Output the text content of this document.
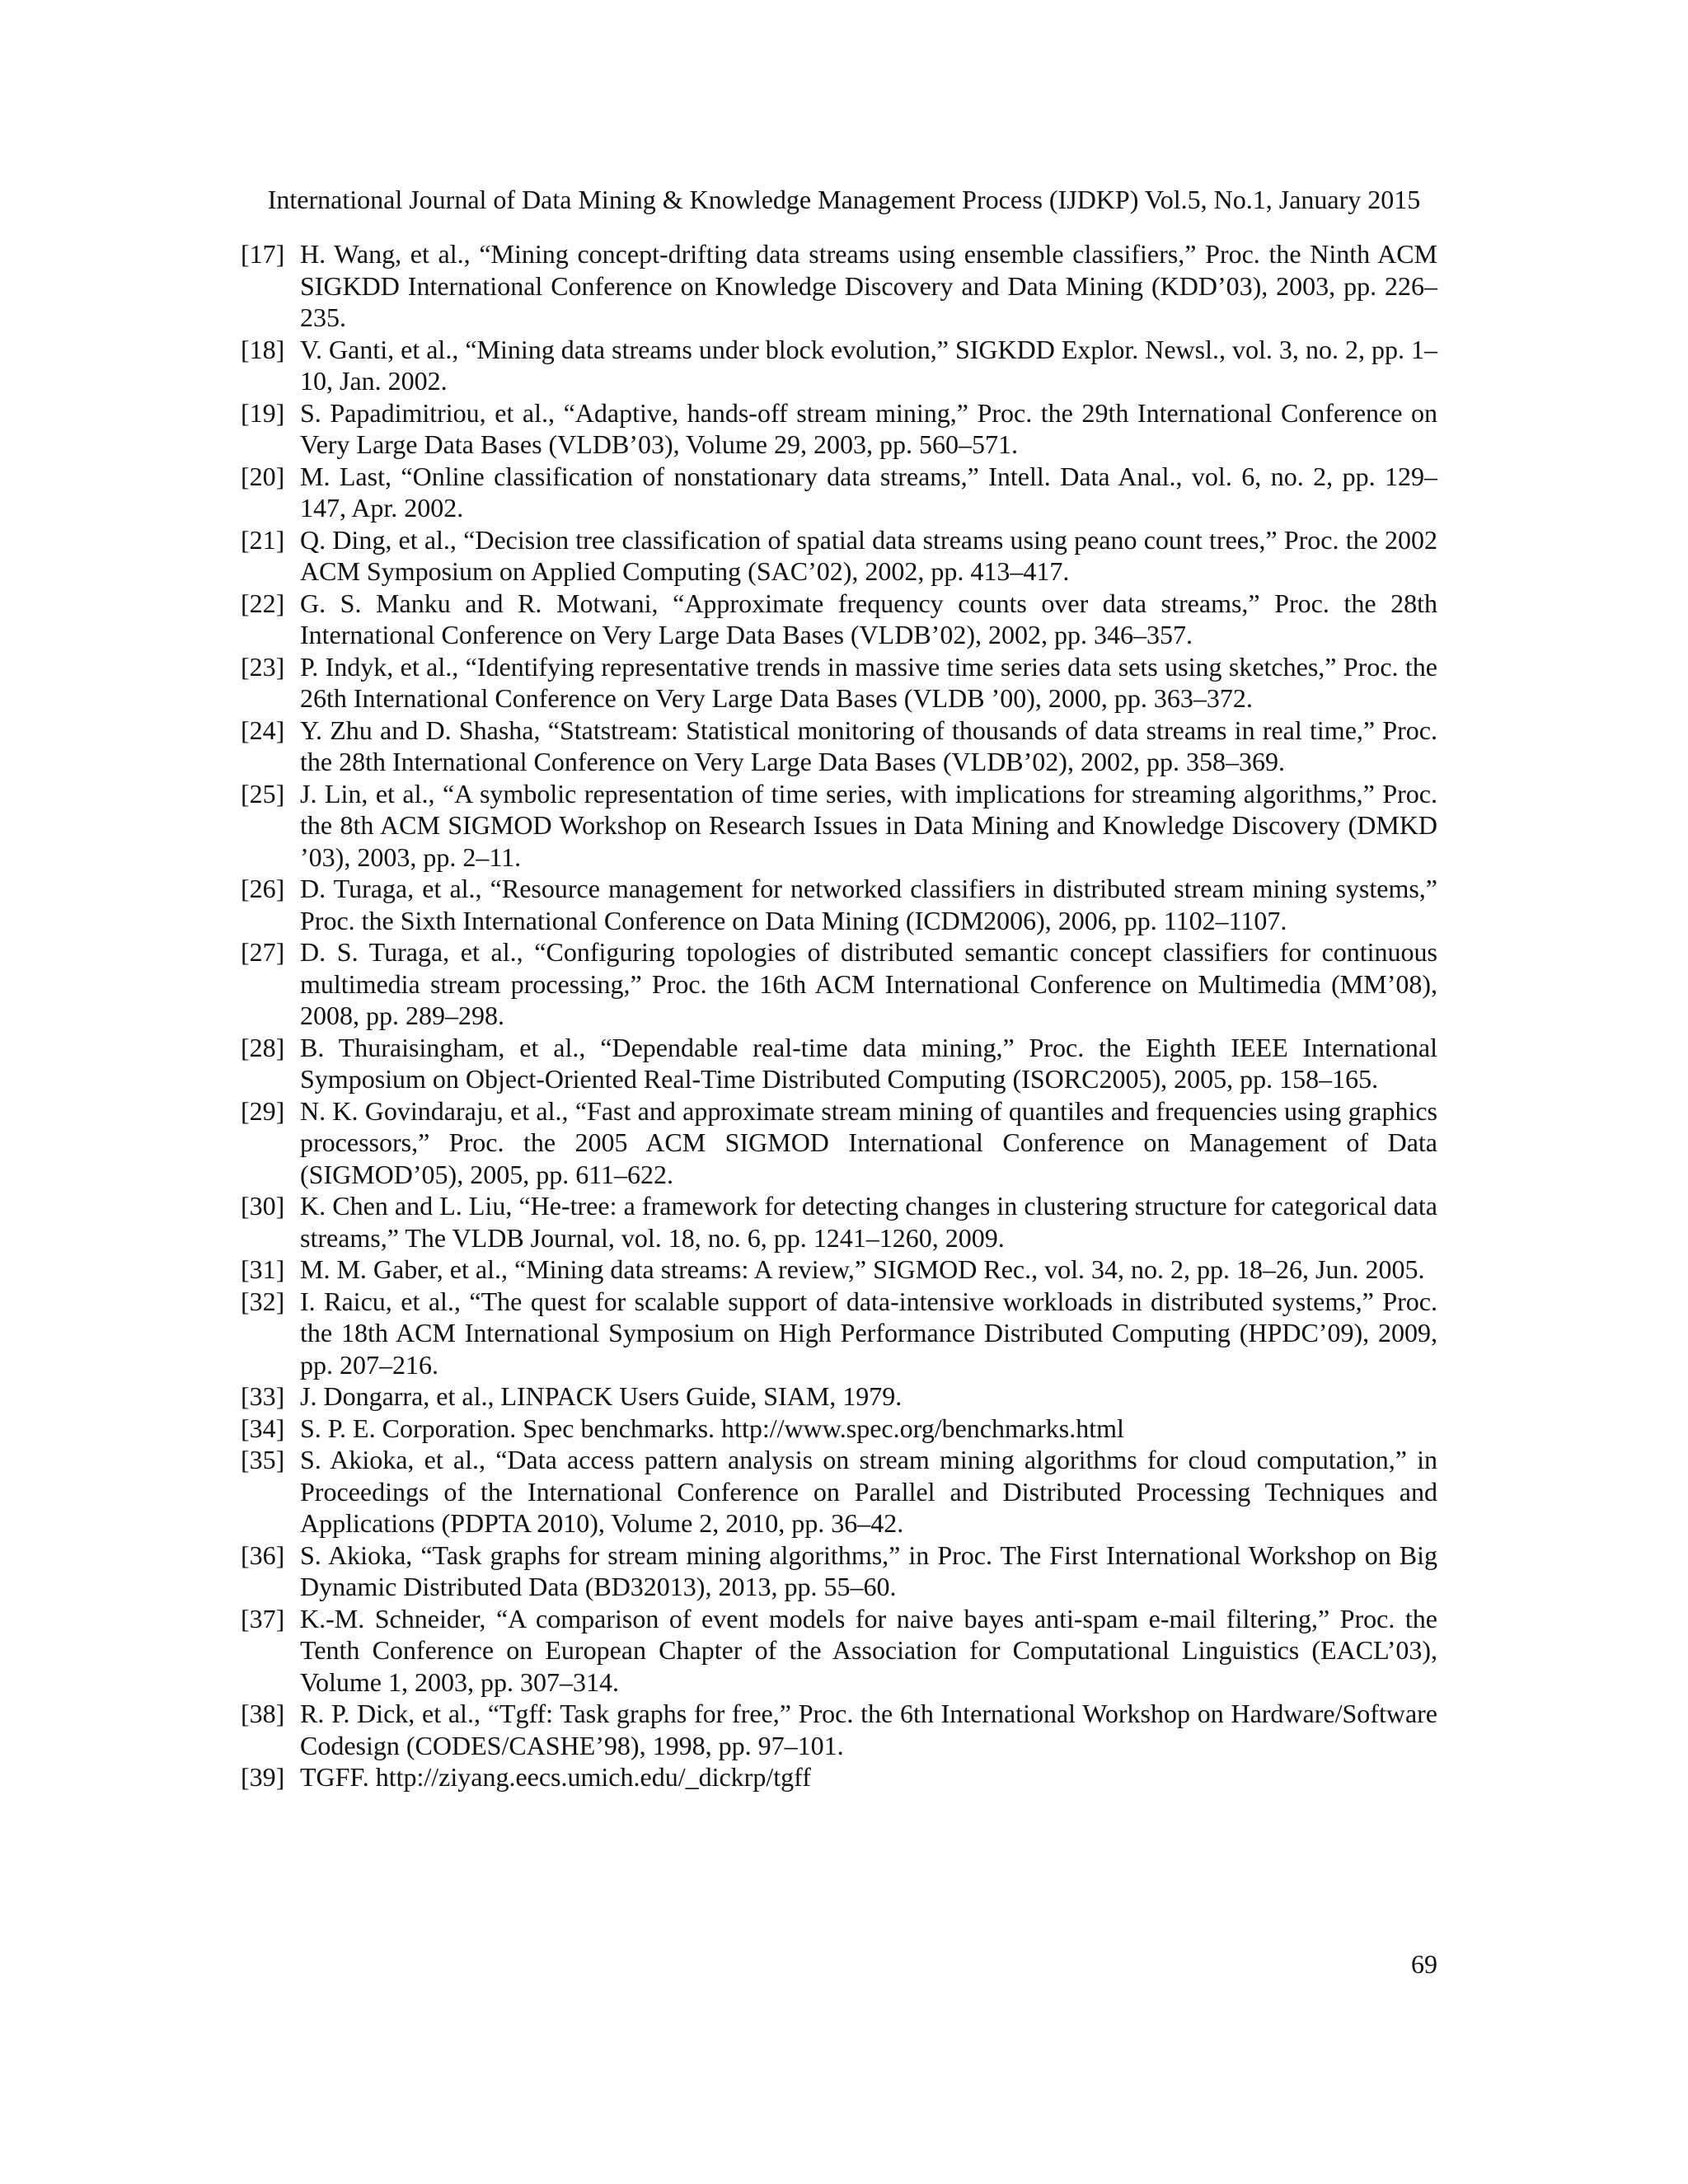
International Journal of Data Mining & Knowledge Management Process (IJDKP) Vol.5, No.1, January 2015
[17] H. Wang, et al., “Mining concept-drifting data streams using ensemble classifiers,” Proc. the Ninth ACM SIGKDD International Conference on Knowledge Discovery and Data Mining (KDD’03), 2003, pp. 226–235.
[18] V. Ganti, et al., “Mining data streams under block evolution,” SIGKDD Explor. Newsl., vol. 3, no. 2, pp. 1–10, Jan. 2002.
[19] S. Papadimitriou, et al., “Adaptive, hands-off stream mining,” Proc. the 29th International Conference on Very Large Data Bases (VLDB’03), Volume 29, 2003, pp. 560–571.
[20] M. Last, “Online classification of nonstationary data streams,” Intell. Data Anal., vol. 6, no. 2, pp. 129–147, Apr. 2002.
[21] Q. Ding, et al., “Decision tree classification of spatial data streams using peano count trees,” Proc. the 2002 ACM Symposium on Applied Computing (SAC’02), 2002, pp. 413–417.
[22] G. S. Manku and R. Motwani, “Approximate frequency counts over data streams,” Proc. the 28th International Conference on Very Large Data Bases (VLDB’02), 2002, pp. 346–357.
[23] P. Indyk, et al., “Identifying representative trends in massive time series data sets using sketches,” Proc. the 26th International Conference on Very Large Data Bases (VLDB ’00), 2000, pp. 363–372.
[24] Y. Zhu and D. Shasha, “Statstream: Statistical monitoring of thousands of data streams in real time,” Proc. the 28th International Conference on Very Large Data Bases (VLDB’02), 2002, pp. 358–369.
[25] J. Lin, et al., “A symbolic representation of time series, with implications for streaming algorithms,” Proc. the 8th ACM SIGMOD Workshop on Research Issues in Data Mining and Knowledge Discovery (DMKD ’03), 2003, pp. 2–11.
[26] D. Turaga, et al., “Resource management for networked classifiers in distributed stream mining systems,” Proc. the Sixth International Conference on Data Mining (ICDM2006), 2006, pp. 1102–1107.
[27] D. S. Turaga, et al., “Configuring topologies of distributed semantic concept classifiers for continuous multimedia stream processing,” Proc. the 16th ACM International Conference on Multimedia (MM’08), 2008, pp. 289–298.
[28] B. Thuraisingham, et al., “Dependable real-time data mining,” Proc. the Eighth IEEE International Symposium on Object-Oriented Real-Time Distributed Computing (ISORC2005), 2005, pp. 158–165.
[29] N. K. Govindaraju, et al., “Fast and approximate stream mining of quantiles and frequencies using graphics processors,” Proc. the 2005 ACM SIGMOD International Conference on Management of Data (SIGMOD’05), 2005, pp. 611–622.
[30] K. Chen and L. Liu, “He-tree: a framework for detecting changes in clustering structure for categorical data streams,” The VLDB Journal, vol. 18, no. 6, pp. 1241–1260, 2009.
[31] M. M. Gaber, et al., “Mining data streams: A review,” SIGMOD Rec., vol. 34, no. 2, pp. 18–26, Jun. 2005.
[32] I. Raicu, et al., “The quest for scalable support of data-intensive workloads in distributed systems,” Proc. the 18th ACM International Symposium on High Performance Distributed Computing (HPDC’09), 2009, pp. 207–216.
[33] J. Dongarra, et al., LINPACK Users Guide, SIAM, 1979.
[34] S. P. E. Corporation. Spec benchmarks. http://www.spec.org/benchmarks.html
[35] S. Akioka, et al., “Data access pattern analysis on stream mining algorithms for cloud computation,” in Proceedings of the International Conference on Parallel and Distributed Processing Techniques and Applications (PDPTA 2010), Volume 2, 2010, pp. 36–42.
[36] S. Akioka, “Task graphs for stream mining algorithms,” in Proc. The First International Workshop on Big Dynamic Distributed Data (BD32013), 2013, pp. 55–60.
[37] K.-M. Schneider, “A comparison of event models for naive bayes anti-spam e-mail filtering,” Proc. the Tenth Conference on European Chapter of the Association for Computational Linguistics (EACL’03), Volume 1, 2003, pp. 307–314.
[38] R. P. Dick, et al., “Tgff: Task graphs for free,” Proc. the 6th International Workshop on Hardware/Software Codesign (CODES/CASHE’98), 1998, pp. 97–101.
[39] TGFF. http://ziyang.eecs.umich.edu/_dickrp/tgff
69
